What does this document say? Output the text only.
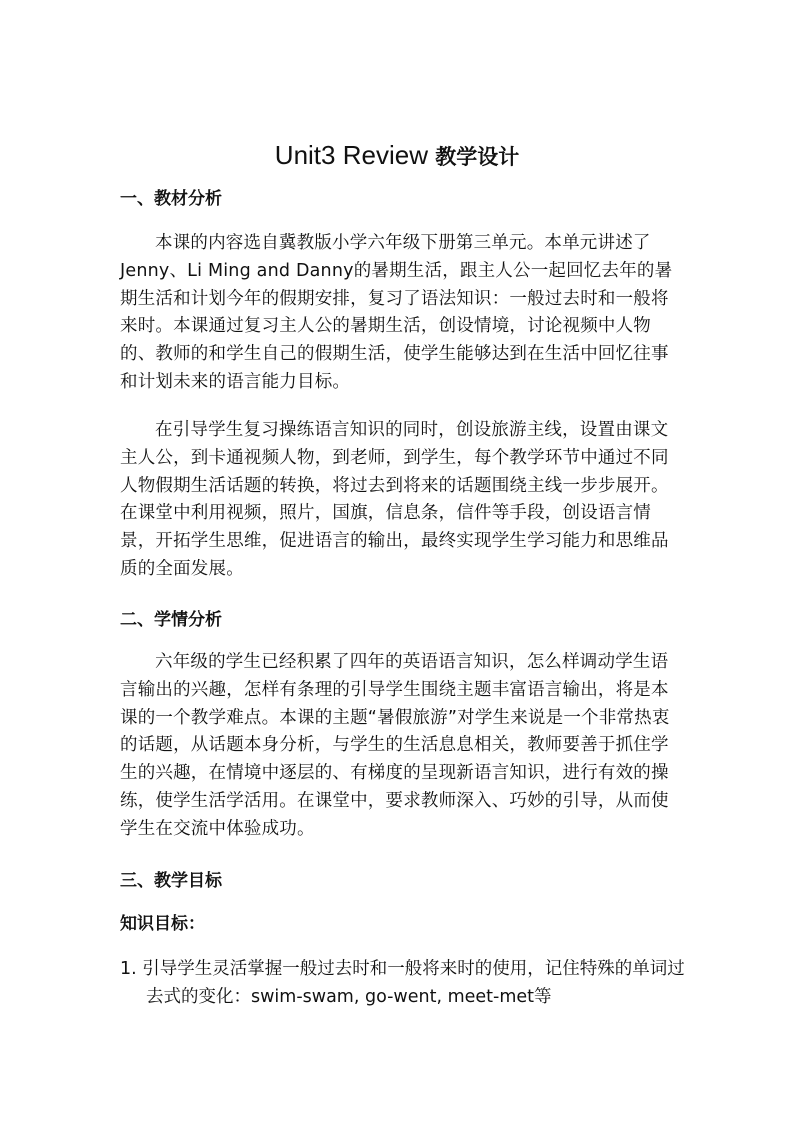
Unit3 Review 教学设计
一、教材分析

本课的内容选自冀教版小学六年级下册第三单元。本单元讲述了Jenny、Li Ming and Danny的暑期生活，跟主人公一起回忆去年的暑期生活和计划今年的假期安排，复习了语法知识：一般过去时和一般将来时。本课通过复习主人公的暑期生活，创设情境，讨论视频中人物的、教师的和学生自己的假期生活，使学生能够达到在生活中回忆往事和计划未来的语言能力目标。

在引导学生复习操练语言知识的同时，创设旅游主线，设置由课文主人公，到卡通视频人物，到老师，到学生，每个教学环节中通过不同人物假期生活话题的转换，将过去到将来的话题围绕主线一步步展开。在课堂中利用视频，照片，国旗，信息条，信件等手段，创设语言情景，开拓学生思维，促进语言的输出，最终实现学生学习能力和思维品质的全面发展。

二、学情分析

六年级的学生已经积累了四年的英语语言知识，怎么样调动学生语言输出的兴趣，怎样有条理的引导学生围绕主题丰富语言输出，将是本课的一个教学难点。本课的主题“暑假旅游”对学生来说是一个非常热衷的话题，从话题本身分析，与学生的生活息息相关，教师要善于抓住学生的兴趣，在情境中逐层的、有梯度的呈现新语言知识，进行有效的操练，使学生活学活用。在课堂中，要求教师深入、巧妙的引导，从而使学生在交流中体验成功。

三、教学目标
知识目标：

1. 引导学生灵活掌握一般过去时和一般将来时的使用，记住特殊的单词过去式的变化：swim-swam, go-went, meet-met等
